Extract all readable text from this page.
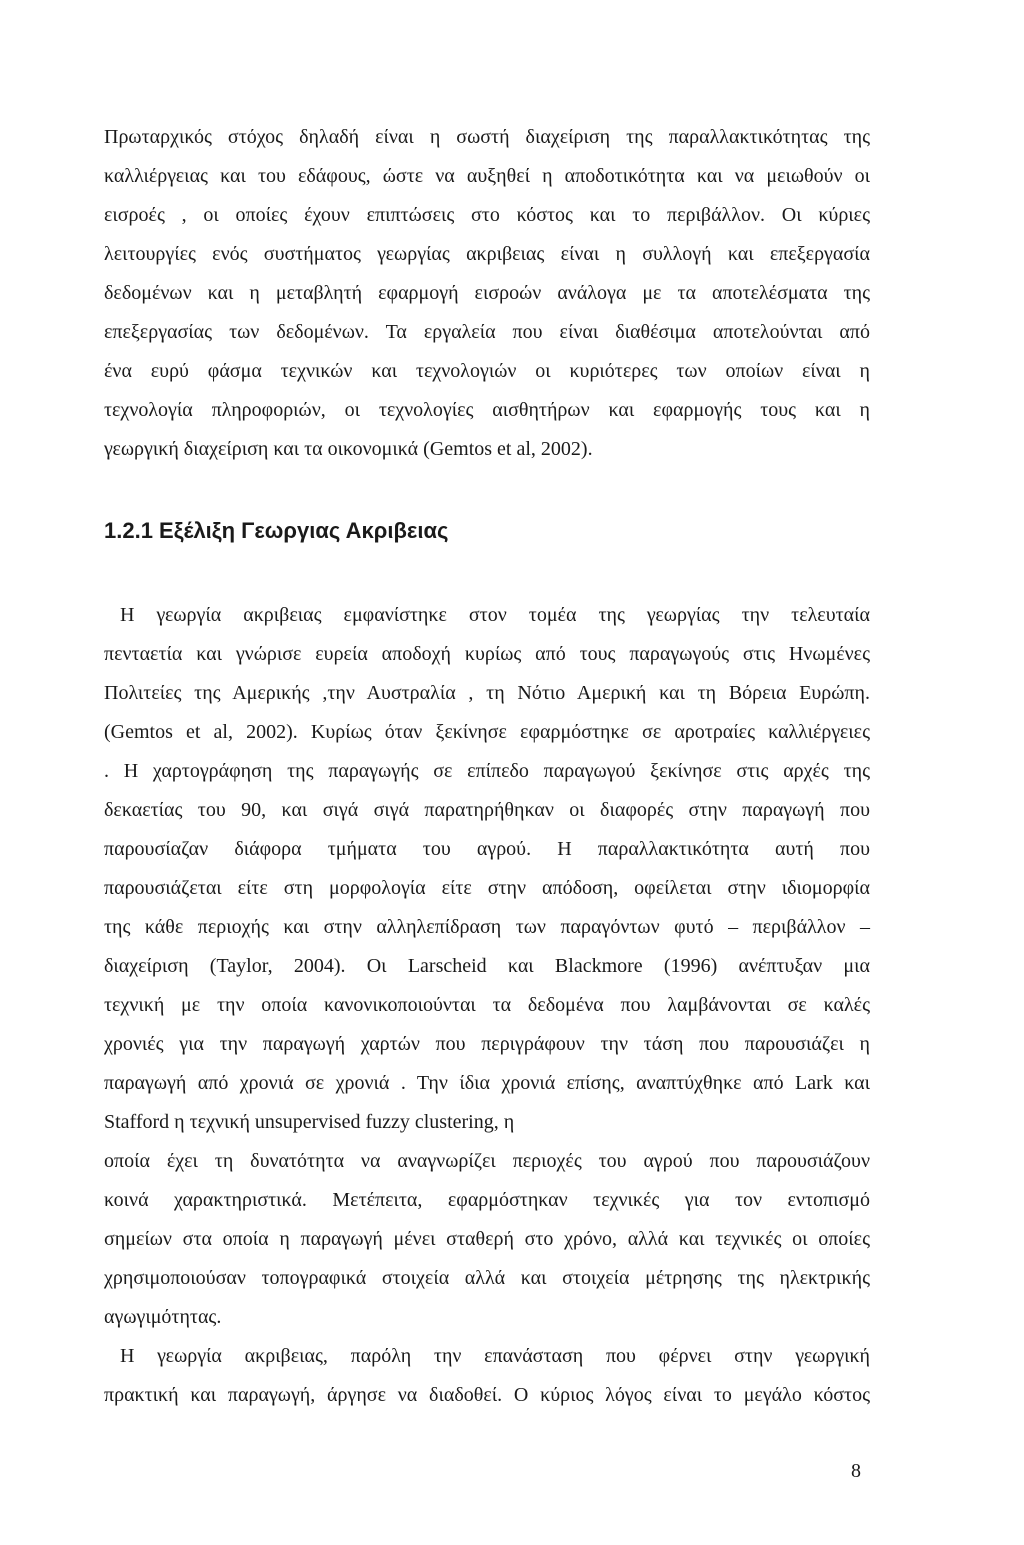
Πρωταρχικός στόχος δηλαδή είναι η σωστή διαχείριση της παραλλακτικότητας της
καλλιέργειας και του εδάφους, ώστε να αυξηθεί η αποδοτικότητα και να μειωθούν οι
εισροές , οι οποίες έχουν επιπτώσεις στο κόστος και το περιβάλλον. Οι κύριες
λειτουργίες ενός συστήματος γεωργίας ακριβειας είναι η συλλογή και επεξεργασία
δεδομένων και η μεταβλητή εφαρμογή εισροών ανάλογα με τα αποτελέσματα της
επεξεργασίας των δεδομένων. Τα εργαλεία που είναι διαθέσιμα αποτελούνται από
ένα ευρύ φάσμα τεχνικών και τεχνολογιών οι κυριότερες των οποίων είναι η
τεχνολογία πληροφοριών, οι τεχνολογίες αισθητήρων και εφαρμογής τους και η
γεωργική διαχείριση και τα οικονομικά (Gemtos et al, 2002).

1.2.1 Εξέλιξη Γεωργιας Ακριβειας

Η γεωργία ακριβειας εμφανίστηκε στον τομέα της γεωργίας την τελευταία
πενταετία και γνώρισε ευρεία αποδοχή κυρίως από τους παραγωγούς στις Ηνωμένες
Πολιτείες της Αμερικής ,την Αυστραλία , τη Νότιο Αμερική και τη Βόρεια Ευρώπη.
(Gemtos et al, 2002). Κυρίως όταν ξεκίνησε εφαρμόστηκε σε αροτραίες καλλιέργειες
. Η χαρτογράφηση της παραγωγής σε επίπεδο παραγωγού ξεκίνησε στις αρχές της
δεκαετίας του 90, και σιγά σιγά παρατηρήθηκαν οι διαφορές στην παραγωγή που
παρουσίαζαν διάφορα τμήματα του αγρού. Η παραλλακτικότητα αυτή που
παρουσιάζεται είτε στη μορφολογία είτε στην απόδοση, οφείλεται στην ιδιομορφία
της κάθε περιοχής και στην αλληλεπίδραση των παραγόντων φυτό – περιβάλλον –
διαχείριση (Taylor, 2004). Οι Larscheid και Blackmore (1996) ανέπτυξαν μια
τεχνική με την οποία κανονικοποιούνται τα δεδομένα που λαμβάνονται σε καλές
χρονιές για την παραγωγή χαρτών που περιγράφουν την τάση που παρουσιάζει η
παραγωγή από χρονιά σε χρονιά . Την ίδια χρονιά επίσης, αναπτύχθηκε από Lark και
Stafford η τεχνική unsupervised fuzzy clustering, η
οποία έχει τη δυνατότητα να αναγνωρίζει περιοχές του αγρού που παρουσιάζουν
κοινά χαρακτηριστικά. Μετέπειτα, εφαρμόστηκαν τεχνικές για τον εντοπισμό
σημείων στα οποία η παραγωγή μένει σταθερή στο χρόνο, αλλά και τεχνικές οι οποίες
χρησιμοποιούσαν τοπογραφικά στοιχεία αλλά και στοιχεία μέτρησης της ηλεκτρικής
αγωγιμότητας.

Η γεωργία ακριβειας, παρόλη την επανάσταση που φέρνει στην γεωργική
πρακτική και παραγωγή, άργησε να διαδοθεί. Ο κύριος λόγος είναι το μεγάλο κόστος

8
